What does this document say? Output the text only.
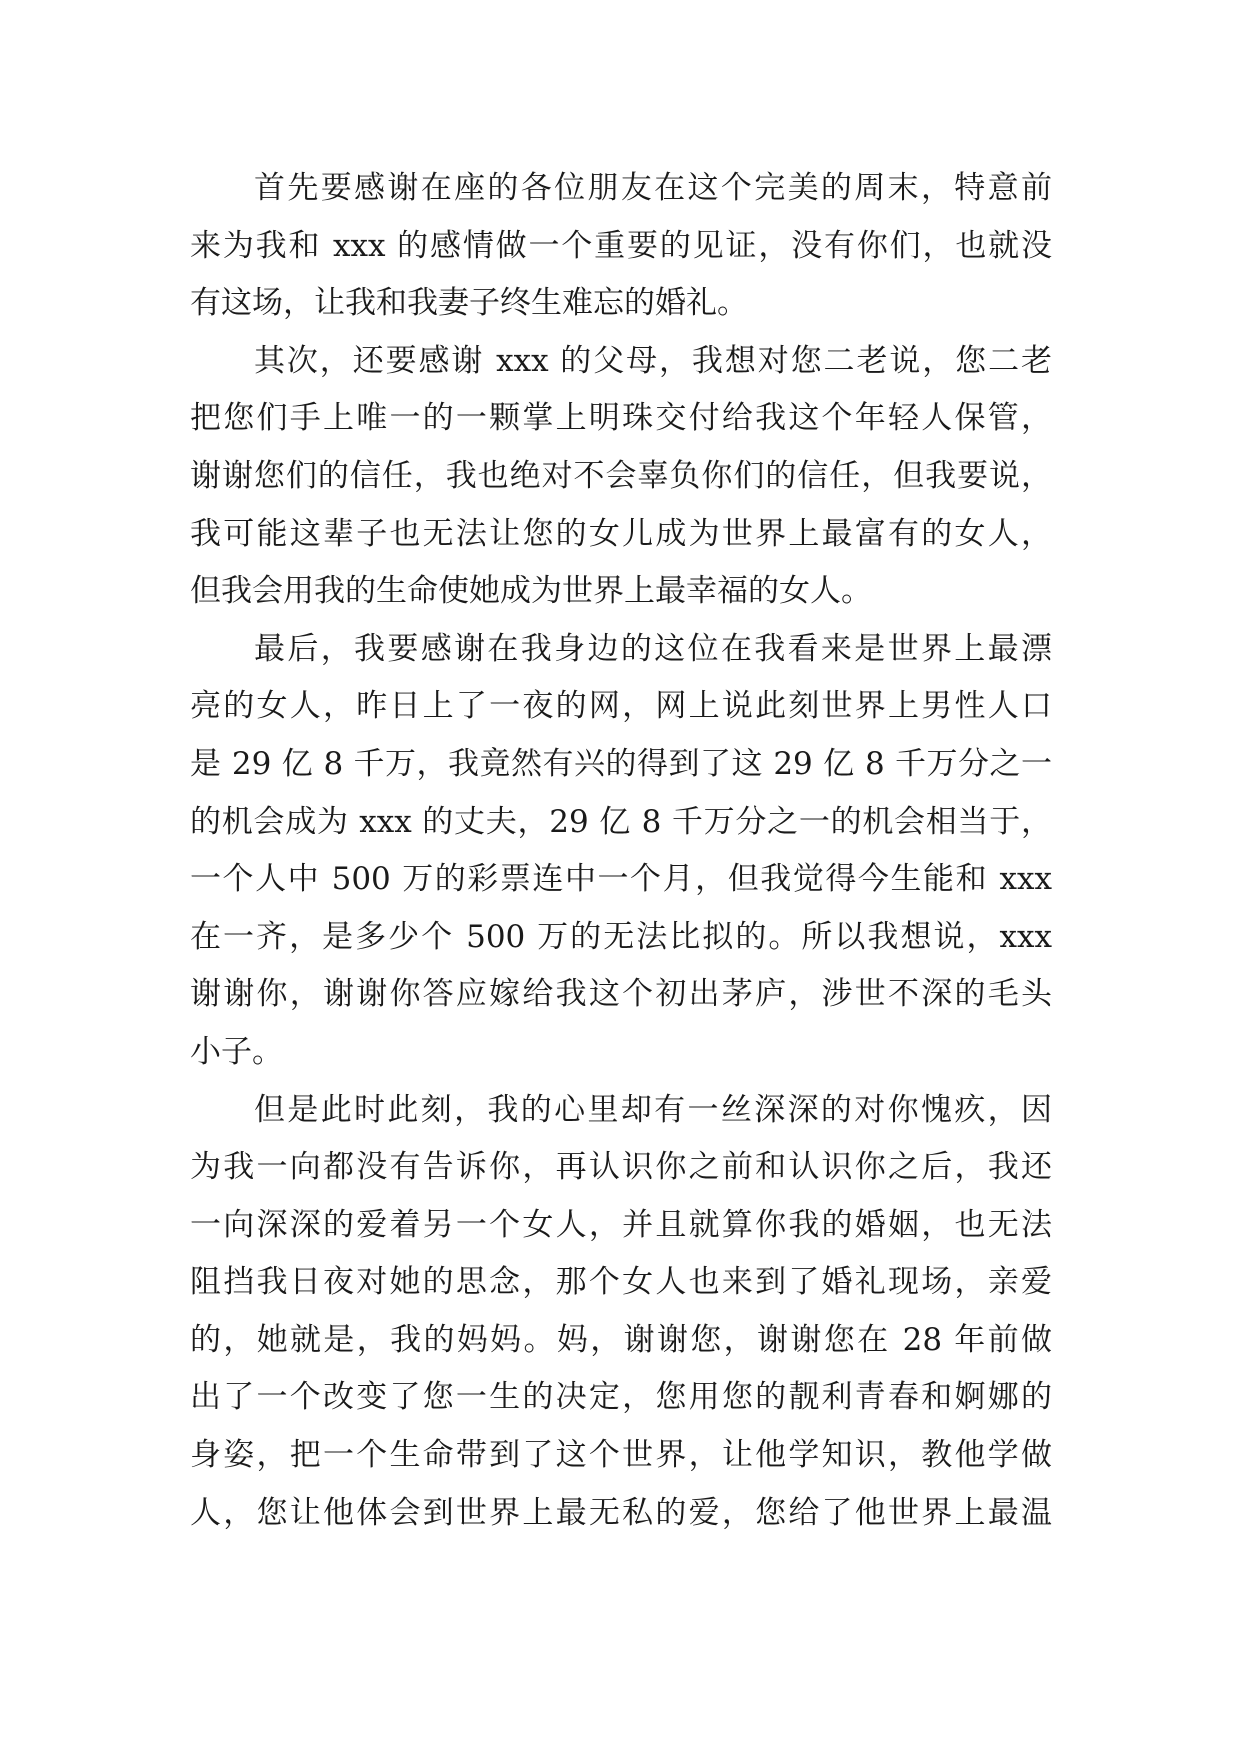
首先要感谢在座的各位朋友在这个完美的周末，特意前
来为我和 xxx 的感情做一个重要的见证，没有你们，也就没
有这场，让我和我妻子终生难忘的婚礼。
其次，还要感谢 xxx 的父母，我想对您二老说，您二老
把您们手上唯一的一颗掌上明珠交付给我这个年轻人保管，
谢谢您们的信任，我也绝对不会辜负你们的信任，但我要说，
我可能这辈子也无法让您的女儿成为世界上最富有的女人，
但我会用我的生命使她成为世界上最幸福的女人。
最后，我要感谢在我身边的这位在我看来是世界上最漂
亮的女人，昨日上了一夜的网，网上说此刻世界上男性人口
是 29 亿 8 千万，我竟然有兴的得到了这 29 亿 8 千万分之一
的机会成为 xxx 的丈夫，29 亿 8 千万分之一的机会相当于，
一个人中 500 万的彩票连中一个月，但我觉得今生能和 xxx
在一齐，是多少个 500 万的无法比拟的。所以我想说，xxx
谢谢你，谢谢你答应嫁给我这个初出茅庐，涉世不深的毛头
小子。
但是此时此刻，我的心里却有一丝深深的对你愧疚，因
为我一向都没有告诉你，再认识你之前和认识你之后，我还
一向深深的爱着另一个女人，并且就算你我的婚姻，也无法
阻挡我日夜对她的思念，那个女人也来到了婚礼现场，亲爱
的，她就是，我的妈妈。妈，谢谢您，谢谢您在 28 年前做
出了一个改变了您一生的决定，您用您的靓利青春和婀娜的
身姿，把一个生命带到了这个世界，让他学知识，教他学做
人，您让他体会到世界上最无私的爱，您给了他世界上最温
